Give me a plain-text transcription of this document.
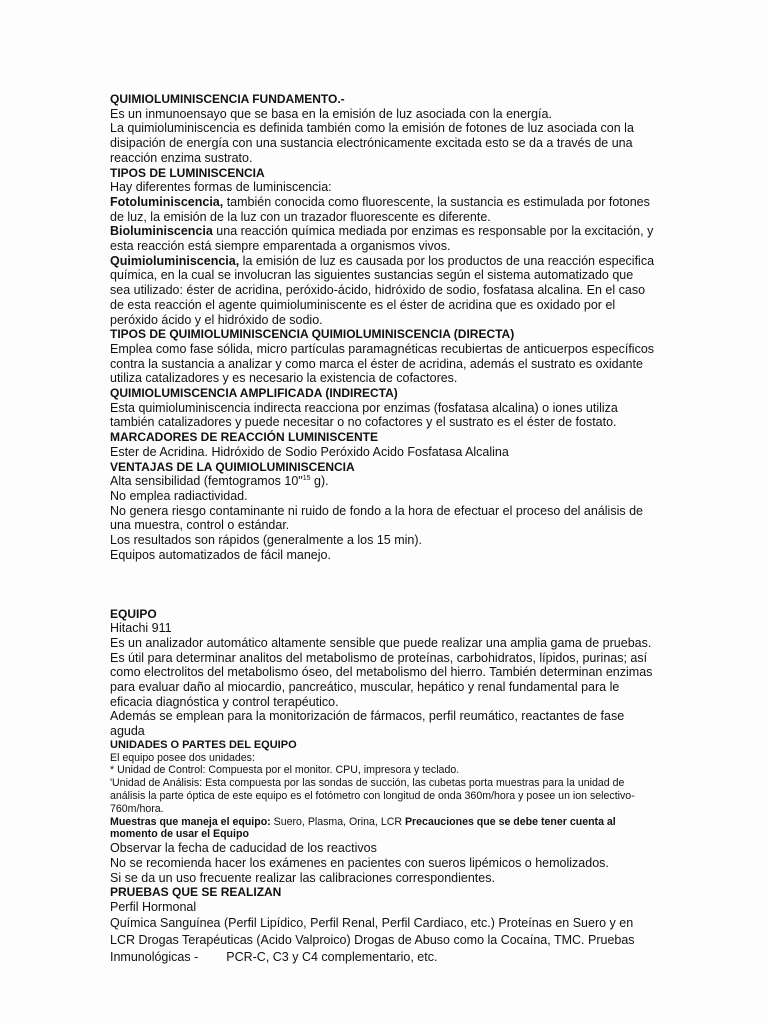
QUIMIOLUMINISCENCIA FUNDAMENTO.-

Es un inmunoensayo que se basa en la emisión de luz asociada con la energía.

La quimioluminiscencia es definida también como la emisión de fotones de luz asociada con la disipación de energía con una sustancia electrónicamente excitada esto se da a través de una reacción enzima sustrato.

TIPOS DE LUMINISCENCIA

Hay diferentes formas de luminiscencia:

Fotoluminiscencia, también conocida como fluorescente, la sustancia es estimulada por fotones de luz, la emisión de la luz con un trazador fluorescente es diferente.

Bioluminiscencia una reacción química mediada por enzimas es responsable por la excitación, y esta reacción está siempre emparentada a organismos vivos.

Quimioluminiscencia, la emisión de luz es causada por los productos de una reacción especifica química, en la cual se involucran las siguientes sustancias según el sistema automatizado que sea utilizado: éster de acridina, peróxido-ácido, hidróxido de sodio, fosfatasa alcalina. En el caso de esta reacción el agente quimioluminiscente es el éster de acridina que es oxidado por el peróxido ácido y el hidróxido de sodio.

TIPOS DE QUIMIOLUMINISCENCIA QUIMIOLUMINISCENCIA (DIRECTA)

Emplea como fase sólida, micro partículas paramagnéticas recubiertas de anticuerpos específicos contra la sustancia a analizar y como marca el éster de acridina, además el sustrato es oxidante utiliza catalizadores y es necesario la existencia de cofactores.

QUIMIOLUMISCENCIA AMPLIFICADA (INDIRECTA)

Esta quimioluminiscencia indirecta reacciona por enzimas (fosfatasa alcalina) o iones utiliza también catalizadores y puede necesitar o no cofactores y el sustrato es el éster de fostato.

MARCADORES DE REACCIÓN LUMINISCENTE

Ester de Acridina. Hidróxido de Sodio Peróxido Acido Fosfatasa Alcalina

VENTAJAS DE LA QUIMIOLUMINISCENCIA

Alta sensibilidad (femtogramos 10"$^{15}$ g).

No emplea radiactividad.

No genera riesgo contaminante ni ruido de fondo a la hora de efectuar el proceso del análisis de una muestra, control o estándar.

Los resultados son rápidos (generalmente a los 15 min).

Equipos automatizados de fácil manejo.

EQUIPO

Hitachi 911

Es un analizador automático altamente sensible que puede realizar una amplia gama de pruebas. Es útil para determinar analitos del metabolismo de proteínas, carbohidratos, lípidos, purinas; así como electrolitos del metabolismo óseo, del metabolismo del hierro. También determinan enzimas para evaluar daño al miocardio, pancreático, muscular, hepático y renal fundamental para le eficacia diagnóstica y control terapéutico.

Además se emplean para la monitorización de fármacos, perfil reumático, reactantes de fase aguda

UNIDADES O PARTES DEL EQUIPO

El equipo posee dos unidades:

* Unidad de Control: Compuesta por el monitor. CPU, impresora y teclado.

'Unidad de Análisis: Esta compuesta por las sondas de succión, las cubetas porta muestras para la unidad de análisis la parte óptica de este equipo es el fotómetro con longitud de onda 360m/hora y posee un ion selectivo-760m/hora.

Muestras que maneja el equipo: Suero, Plasma, Orina, LCR Precauciones que se debe tener cuenta al momento de usar el Equipo

Observar la fecha de caducidad de los reactivos

No se recomienda hacer los exámenes en pacientes con sueros lipémicos o hemolizados.

Si se da un uso frecuente realizar las calibraciones correspondientes.

PRUEBAS QUE SE REALIZAN

Perfil Hormonal

Química Sanguínea (Perfil Lipídico, Perfil Renal, Perfil Cardiaco, etc.) Proteínas en Suero y en LCR Drogas Terapéuticas (Acido Valproico) Drogas de Abuso como la Cocaína, TMC. Pruebas Inmunológicas - PCR-C, C3 y C4 complementario, etc.
